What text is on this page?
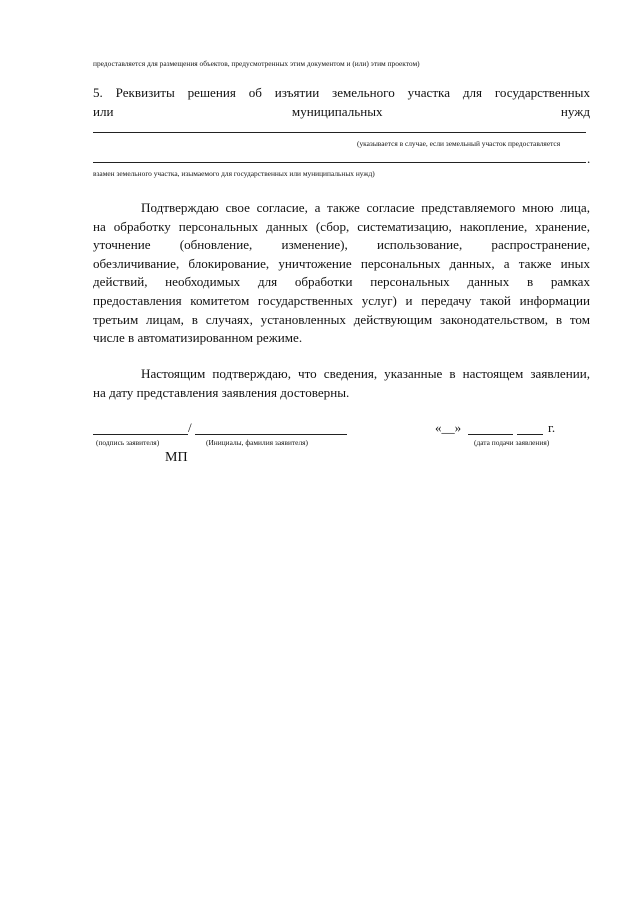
предоставляется для размещения объектов, предусмотренных этим документом и (или) этим проектом)
5. Реквизиты решения об изъятии земельного участка для государственных
или	муниципальных	нужд
(указывается в случае, если земельный участок предоставляется
.
взамен земельного участка, изымаемого для государственных или муниципальных нужд)

Подтверждаю свое согласие, а также согласие представляемого мною лица,

на обработку персональных данных (сбор, систематизацию, накопление, хранение,

уточнение (обновление, изменение), использование, распространение,

обезличивание, блокирование, уничтожение персональных данных, а также иных

действий, необходимых для обработки персональных данных в рамках

предоставления комитетом государственных услуг) и передачу такой информации

третьим лицам, в случаях, установленных действующим законодательством, в том

числе в автоматизированном режиме.

Настоящим подтверждаю, что сведения, указанные в настоящем заявлении,

на дату представления заявления достоверны.

/	«__»	г.
(подпись заявителя)	(Инициалы, фамилия заявителя)	(дата подачи заявления)
МП
